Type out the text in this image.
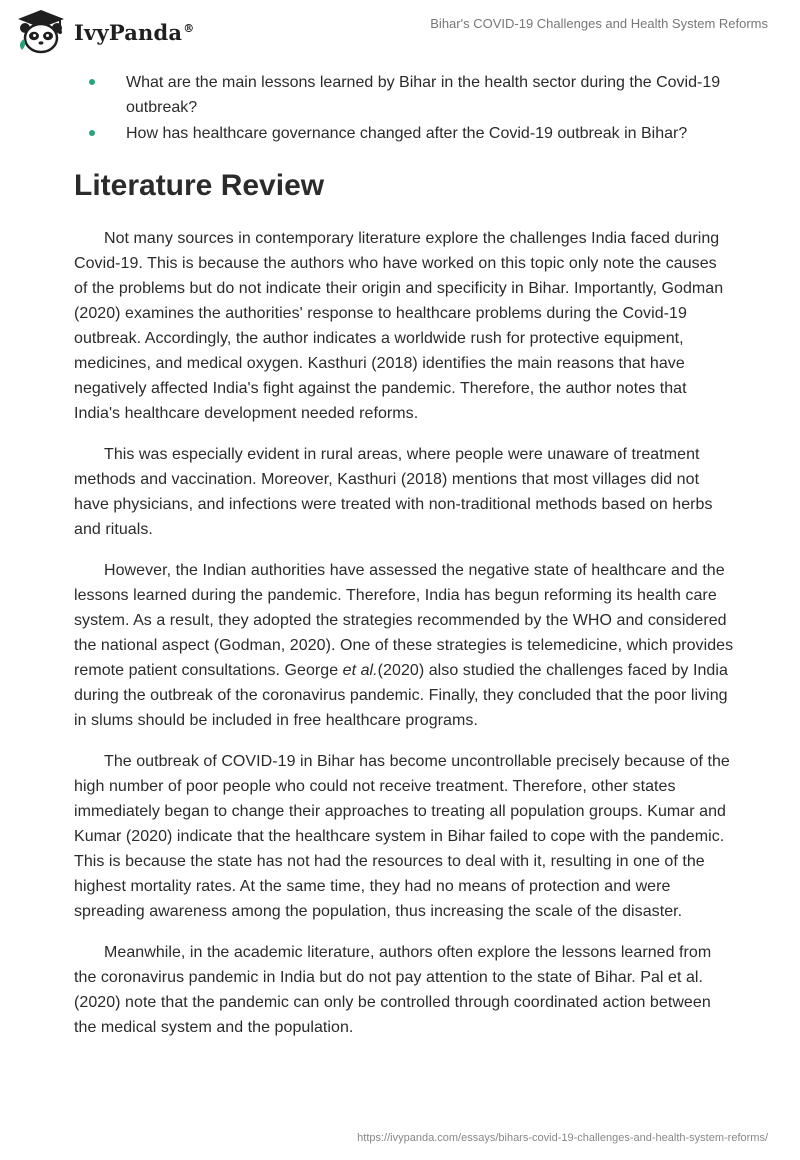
IvyPanda®	Bihar's COVID-19 Challenges and Health System Reforms
What are the main lessons learned by Bihar in the health sector during the Covid-19 outbreak?
How has healthcare governance changed after the Covid-19 outbreak in Bihar?
Literature Review

Not many sources in contemporary literature explore the challenges India faced during Covid-19. This is because the authors who have worked on this topic only note the causes of the problems but do not indicate their origin and specificity in Bihar. Importantly, Godman (2020) examines the authorities' response to healthcare problems during the Covid-19 outbreak. Accordingly, the author indicates a worldwide rush for protective equipment, medicines, and medical oxygen. Kasthuri (2018) identifies the main reasons that have negatively affected India's fight against the pandemic. Therefore, the author notes that India's healthcare development needed reforms.

This was especially evident in rural areas, where people were unaware of treatment methods and vaccination. Moreover, Kasthuri (2018) mentions that most villages did not have physicians, and infections were treated with non-traditional methods based on herbs and rituals.

However, the Indian authorities have assessed the negative state of healthcare and the lessons learned during the pandemic. Therefore, India has begun reforming its health care system. As a result, they adopted the strategies recommended by the WHO and considered the national aspect (Godman, 2020). One of these strategies is telemedicine, which provides remote patient consultations. George et al.(2020) also studied the challenges faced by India during the outbreak of the coronavirus pandemic. Finally, they concluded that the poor living in slums should be included in free healthcare programs.

The outbreak of COVID-19 in Bihar has become uncontrollable precisely because of the high number of poor people who could not receive treatment. Therefore, other states immediately began to change their approaches to treating all population groups. Kumar and Kumar (2020) indicate that the healthcare system in Bihar failed to cope with the pandemic. This is because the state has not had the resources to deal with it, resulting in one of the highest mortality rates. At the same time, they had no means of protection and were spreading awareness among the population, thus increasing the scale of the disaster.

Meanwhile, in the academic literature, authors often explore the lessons learned from the coronavirus pandemic in India but do not pay attention to the state of Bihar. Pal et al. (2020) note that the pandemic can only be controlled through coordinated action between the medical system and the population.

https://ivypanda.com/essays/bihars-covid-19-challenges-and-health-system-reforms/
